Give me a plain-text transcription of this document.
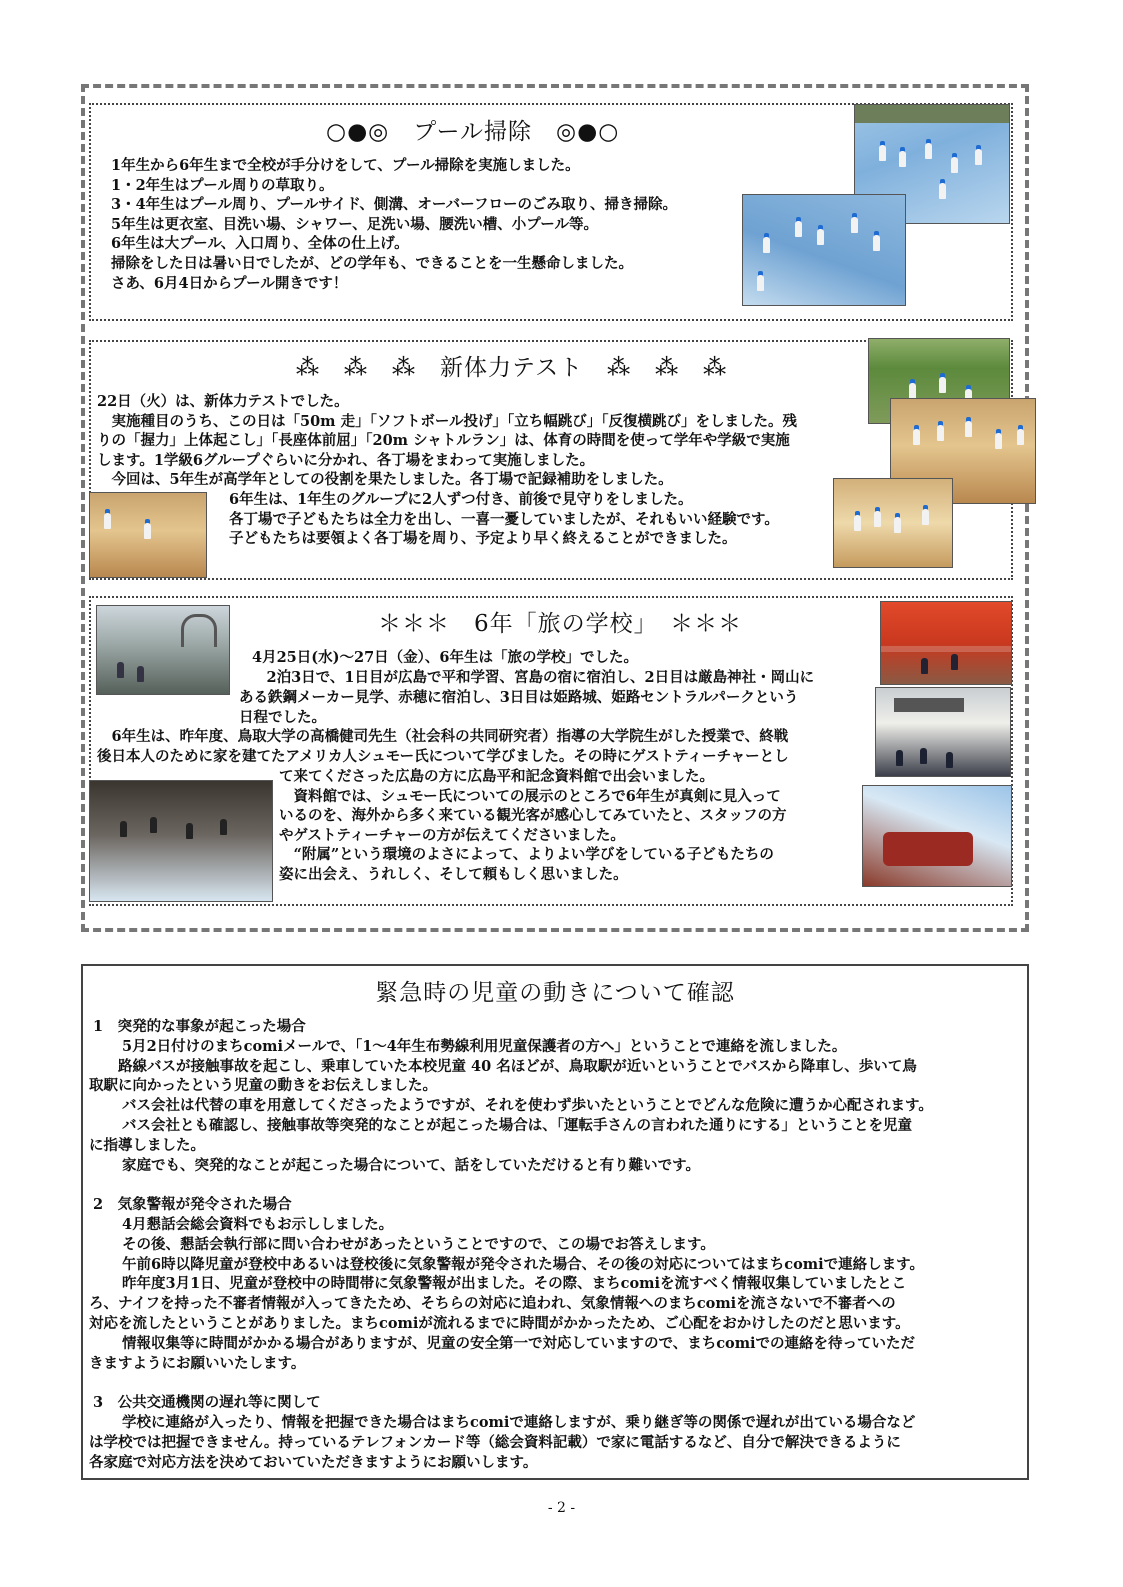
○●◎　プール掃除　◎●○
1年生から6年生まで全校が手分けをして、プール掃除を実施しました。
1・2年生はプール周りの草取り。
3・4年生はプール周り、プールサイド、側溝、オーバーフローのごみ取り、掃き掃除。
5年生は更衣室、目洗い場、シャワー、足洗い場、腰洗い槽、小プール等。
6年生は大プール、入口周り、全体の仕上げ。
掃除をした日は暑い日でしたが、どの学年も、できることを一生懸命しました。
さあ、6月4日からプール開きです！
⁂　⁂　⁂　新体力テスト　⁂　⁂　⁂
22日（火）は、新体力テストでした。
　実施種目のうち、この日は「50m 走」「ソフトボール投げ」「立ち幅跳び」「反復横跳び」をしました。残
りの「握力」上体起こし」「長座体前屈」「20m シャトルラン」は、体育の時間を使って学年や学級で実施
します。1学級6グループぐらいに分かれ、各丁場をまわって実施しました。
　今回は、5年生が高学年としての役割を果たしました。各丁場で記録補助をしました。
6年生は、1年生のグループに2人ずつ付き、前後で見守りをしました。
各丁場で子どもたちは全力を出し、一喜一憂していましたが、それもいい経験です。
子どもたちは要領よく各丁場を周り、予定より早く終えることができました。
＊＊＊　6年「旅の学校」　＊＊＊
4月25日(水)～27日（金）、6年生は「旅の学校」でした。
　2泊3日で、1日目が広島で平和学習、宮島の宿に宿泊し、2日目は厳島神社・岡山に
ある鉄鋼メーカー見学、赤穂に宿泊し、3日目は姫路城、姫路セントラルパークという
日程でした。
　6年生は、昨年度、鳥取大学の高橋健司先生（社会科の共同研究者）指導の大学院生がした授業で、終戦
後日本人のために家を建てたアメリカ人シュモー氏について学びました。その時にゲストティーチャーとし
て来てくださった広島の方に広島平和記念資料館で出会いました。
　資料館では、シュモー氏についての展示のところで6年生が真剣に見入って
いるのを、海外から多く来ている観光客が感心してみていたと、スタッフの方
やゲストティーチャーの方が伝えてくださいました。
　“附属”という環境のよさによって、よりよい学びをしている子どもたちの
姿に出会え、うれしく、そして頼もしく思いました。
緊急時の児童の動きについて確認
1　突発的な事象が起こった場合
　　5月2日付けのまちcomiメールで、「1～4年生布勢線利用児童保護者の方へ」ということで連絡を流しました。
　　路線バスが接触事故を起こし、乗車していた本校児童 40 名ほどが、鳥取駅が近いということでバスから降車し、歩いて鳥
取駅に向かったという児童の動きをお伝えしました。
　　バス会社は代替の車を用意してくださったようですが、それを使わず歩いたということでどんな危険に遭うか心配されます。
　　バス会社とも確認し、接触事故等突発的なことが起こった場合は、「運転手さんの言われた通りにする」ということを児童
に指導しました。
　　家庭でも、突発的なことが起こった場合について、話をしていただけると有り難いです。
2　気象警報が発令された場合
　　4月懇話会総会資料でもお示ししました。
　　その後、懇話会執行部に問い合わせがあったということですので、この場でお答えします。
　　午前6時以降児童が登校中あるいは登校後に気象警報が発令された場合、その後の対応についてはまちcomiで連絡します。
　　昨年度3月1日、児童が登校中の時間帯に気象警報が出ました。その際、まちcomiを流すべく情報収集していましたとこ
ろ、ナイフを持った不審者情報が入ってきたため、そちらの対応に追われ、気象情報へのまちcomiを流さないで不審者への
対応を流したということがありました。まちcomiが流れるまでに時間がかかったため、ご心配をおかけしたのだと思います。
　　情報収集等に時間がかかる場合がありますが、児童の安全第一で対応していますので、まちcomiでの連絡を待っていただ
きますようにお願いいたします。
3　公共交通機関の遅れ等に関して
　　学校に連絡が入ったり、情報を把握できた場合はまちcomiで連絡しますが、乗り継ぎ等の関係で遅れが出ている場合など
は学校では把握できません。持っているテレフォンカード等（総会資料記載）で家に電話するなど、自分で解決できるように
各家庭で対応方法を決めておいていただきますようにお願いします。
- 2 -
